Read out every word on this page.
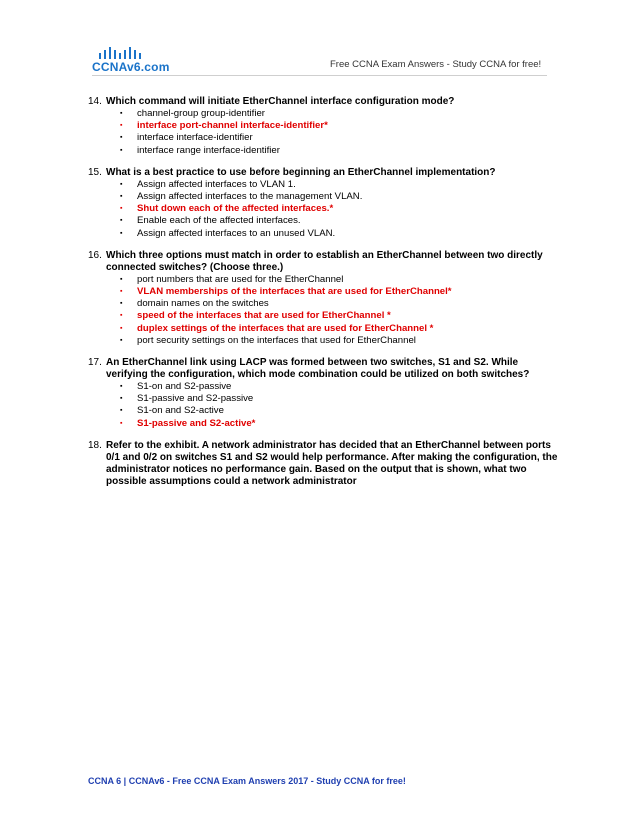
CCNAv6.com	Free CCNA Exam Answers - Study CCNA for free!
14. Which command will initiate EtherChannel interface configuration mode?
▪ channel-group group-identifier
▪ interface port-channel interface-identifier*
▪ interface interface-identifier
▪ interface range interface-identifier
15. What is a best practice to use before beginning an EtherChannel implementation?
▪ Assign affected interfaces to VLAN 1.
▪ Assign affected interfaces to the management VLAN.
▪ Shut down each of the affected interfaces.*
▪ Enable each of the affected interfaces.
▪ Assign affected interfaces to an unused VLAN.
16. Which three options must match in order to establish an EtherChannel between two directly connected switches? (Choose three.)
▪ port numbers that are used for the EtherChannel
▪ VLAN memberships of the interfaces that are used for EtherChannel*
▪ domain names on the switches
▪ speed of the interfaces that are used for EtherChannel *
▪ duplex settings of the interfaces that are used for EtherChannel *
▪ port security settings on the interfaces that used for EtherChannel
17. An EtherChannel link using LACP was formed between two switches, S1 and S2. While verifying the configuration, which mode combination could be utilized on both switches?
▪ S1-on and S2-passive
▪ S1-passive and S2-passive
▪ S1-on and S2-active
▪ S1-passive and S2-active*
18. Refer to the exhibit. A network administrator has decided that an EtherChannel between ports 0/1 and 0/2 on switches S1 and S2 would help performance. After making the configuration, the administrator notices no performance gain. Based on the output that is shown, what two possible assumptions could a network administrator
CCNA 6 | CCNAv6 - Free CCNA Exam Answers 2017 - Study CCNA for free!
